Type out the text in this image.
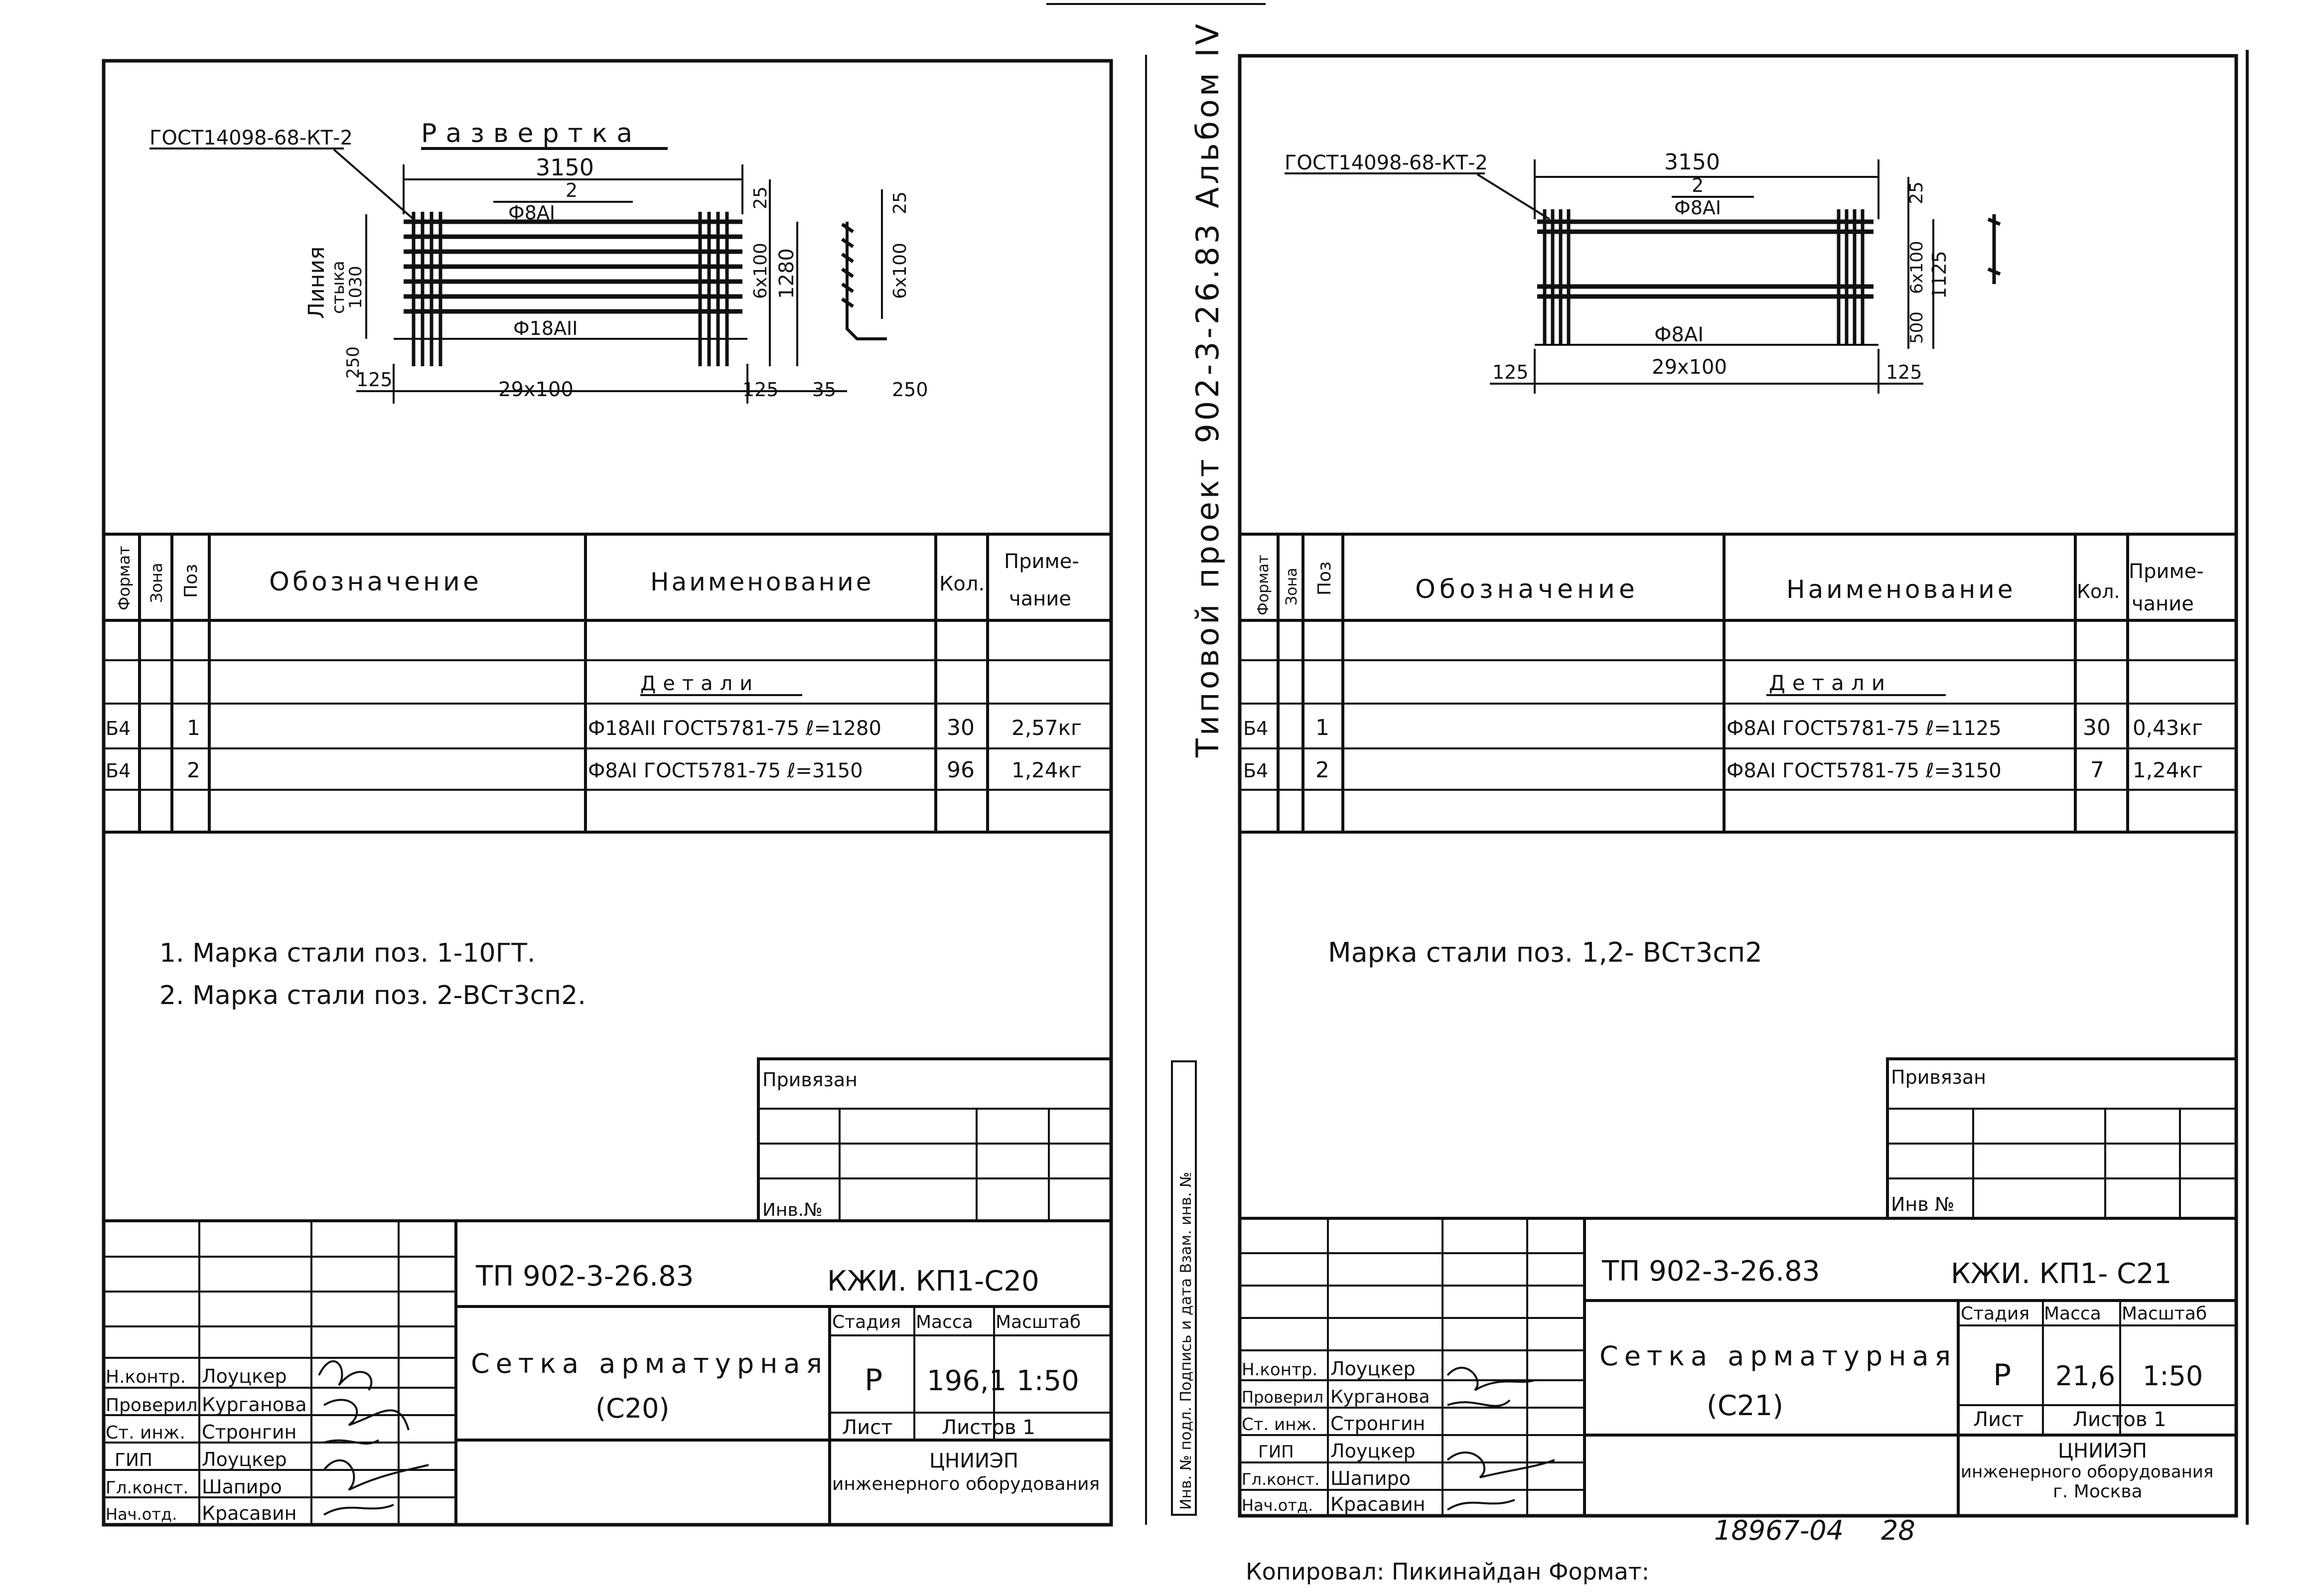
ГОСТ14098-68-КТ-2	Развертка
3150
2
Ф8АI
Ф18АII
25
6х100 1280
Линия
стыка
1030
250
125	29х100	125 35	250
25
6х100
Формат Зона Поз	Обозначение	Наименование	Кол.
Приме-
чание
Детали
Б4	1	Ф18АII ГОСТ5781-75 ℓ=1280	30 2,57кг
Б4	2	Ф8АI ГОСТ5781-75 ℓ=3150	96 1,24кг
1. Марка стали поз. 1-10ГТ.
2. Марка стали поз. 2-ВСт3сп2.
Привязан
Инв.№
ТП 902-3-26.83	КЖИ. КП1-С20
Сетка арматурная
(С20)
Стадия Масса Масштаб
Р 196,1 1:50
Лист Листов 1
ЦНИИЭП
инженерного оборудования
Н.контр. Лоуцкер
Проверил Курганова
Ст. инж. Стронгин
ГИП	Лоуцкер
Гл.конст. Шапиро
Нач.отд. Красавин
Типовой проект 902-3-26.83 Альбом IV
Инв. № подл. Подпись и дата Взам. инв. №
ГОСТ14098-68-КТ-2	3150
2
Ф8АI
Ф8АI
25
6х100 1125
500
125	29х100	125
Формат Зона Поз	Обозначение	Наименование	Кол.
Приме-
чание
Детали
Б4 1	Ф8АI ГОСТ5781-75 ℓ=1125	30 0,43кг
Б4 2	Ф8АI ГОСТ5781-75 ℓ=3150	7 1,24кг
Марка стали поз. 1,2- ВСт3сп2
Привязан
Инв №
ТП 902-3-26.83	КЖИ. КП1- С21
Сетка арматурная
(С21)
Стадия Масса Масштаб
Р 21,6 1:50
Лист Листов 1
ЦНИИЭП
инженерного оборудования
г. Москва
Н.контр. Лоуцкер
Проверил Курганова
Ст. инж. Стронгин
ГИП Лоуцкер
Гл.конст. Шапиро
Нач.отд. Красавин
18967-04 28
Копировал: Пикинайдан Формат:
